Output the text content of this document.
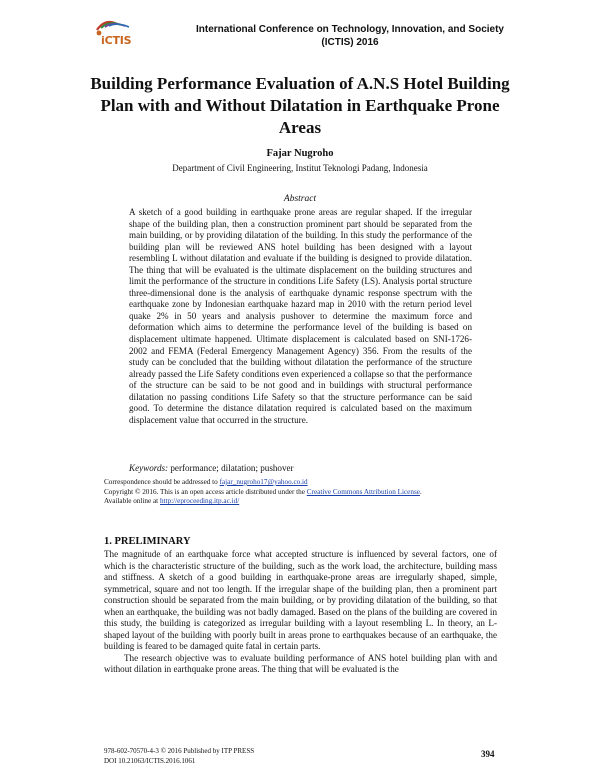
iCTIS
International Conference on Technology, Innovation, and Society
(ICTIS) 2016
Building Performance Evaluation of A.N.S Hotel Building Plan with and Without Dilatation in Earthquake Prone Areas
Fajar Nugroho
Department of Civil Engineering, Institut Teknologi Padang, Indonesia
Abstract

A sketch of a good building in earthquake prone areas are regular shaped. If the irregular shape of the building plan, then a construction prominent part should be separated from the main building, or by providing dilatation of the building. In this study the performance of the building plan will be reviewed ANS hotel building has been designed with a layout resembling L without dilatation and evaluate if the building is designed to provide dilatation. The thing that will be evaluated is the ultimate displacement on the building structures and limit the performance of the structure in conditions Life Safety (LS). Analysis portal structure three-dimensional done is the analysis of earthquake dynamic response spectrum with the earthquake zone by Indonesian earthquake hazard map in 2010 with the return period level quake 2% in 50 years and analysis pushover to determine the maximum force and deformation which aims to determine the performance level of the building is based on displacement ultimate happened. Ultimate displacement is calculated based on SNI-1726-2002 and FEMA (Federal Emergency Management Agency) 356. From the results of the study can be concluded that the building without dilatation the performance of the structure already passed the Life Safety conditions even experienced a collapse so that the performance of the structure can be said to be not good and in buildings with structural performance dilatation no passing conditions Life Safety so that the structure performance can be said good. To determine the distance dilatation required is calculated based on the maximum displacement value that occurred in the structure.

Keywords: performance; dilatation; pushover
Correspondence should be addressed to fajar_nugroho17@yahoo.co.id
Copyright © 2016. This is an open access article distributed under the Creative Commons Attribution License.
Available online at http://eproceeding.itp.ac.id/
1. PRELIMINARY

The magnitude of an earthquake force what accepted structure is influenced by several factors, one of which is the characteristic structure of the building, such as the work load, the architecture, building mass and stiffness. A sketch of a good building in earthquake-prone areas are irregularly shaped, simple, symmetrical, square and not too length. If the irregular shape of the building plan, then a prominent part construction should be separated from the main building, or by providing dilatation of the building, so that when an earthquake, the building was not badly damaged. Based on the plans of the building are covered in this study, the building is categorized as irregular building with a layout resembling L. In theory, an L-shaped layout of the building with poorly built in areas prone to earthquakes because of an earthquake, the building is feared to be damaged quite fatal in certain parts.

The research objective was to evaluate building performance of ANS hotel building plan with and without dilation in earthquake prone areas. The thing that will be evaluated is the

978-602-70570-4-3 © 2016 Published by ITP PRESS
DOI 10.21063/ICTIS.2016.1061
394
